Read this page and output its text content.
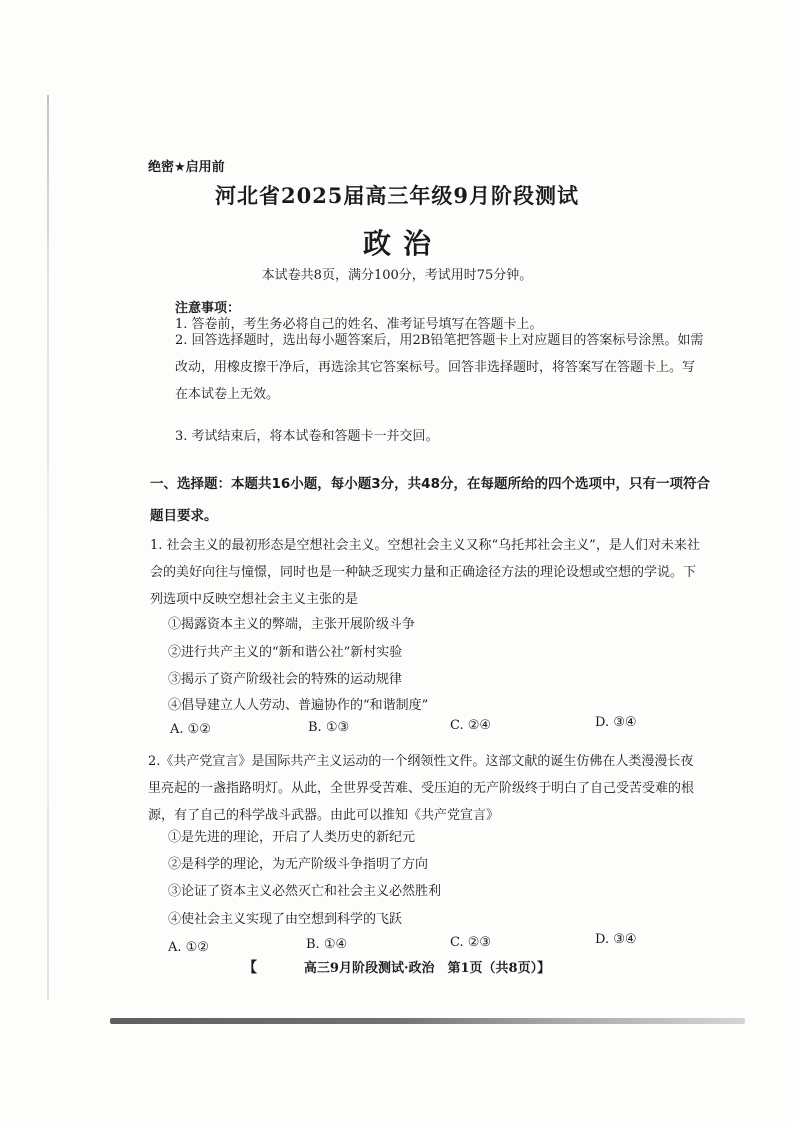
绝密★启用前
河北省2025届高三年级9月阶段测试
政治
本试卷共8页，满分100分，考试用时75分钟。
注意事项：
1. 答卷前，考生务必将自己的姓名、准考证号填写在答题卡上。
2. 回答选择题时，选出每小题答案后，用2B铅笔把答题卡上对应题目的答案标号涂黑。如需改动，用橡皮擦干净后，再选涂其它答案标号。回答非选择题时，将答案写在答题卡上。写在本试卷上无效。
3. 考试结束后，将本试卷和答题卡一并交回。
一、选择题：本题共16小题，每小题3分，共48分，在每题所给的四个选项中，只有一项符合题目要求。
1. 社会主义的最初形态是空想社会主义。空想社会主义又称“乌托邦社会主义”，是人们对未来社会的美好向往与憧憬，同时也是一种缺乏现实力量和正确途径方法的理论设想或空想的学说。下列选项中反映空想社会主义主张的是
①揭露资本主义的弊端，主张开展阶级斗争
②进行共产主义的“新和谐公社”新村实验
③揭示了资产阶级社会的特殊的运动规律
④倡导建立人人劳动、普遍协作的“和谐制度”
A. ①②	B. ①③	C. ②④	D. ③④
2.《共产党宣言》是国际共产主义运动的一个纲领性文件。这部文献的诞生仿佛在人类漫漫长夜里亮起的一盏指路明灯。从此，全世界受苦难、受压迫的无产阶级终于明白了自己受苦受难的根源，有了自己的科学战斗武器。由此可以推知《共产党宣言》
①是先进的理论，开启了人类历史的新纪元
②是科学的理论，为无产阶级斗争指明了方向
③论证了资本主义必然灭亡和社会主义必然胜利
④使社会主义实现了由空想到科学的飞跃
A. ①②	B. ①④	C. ②③	D. ③④
【	高三9月阶段测试·政治　第1页（共8页）】
